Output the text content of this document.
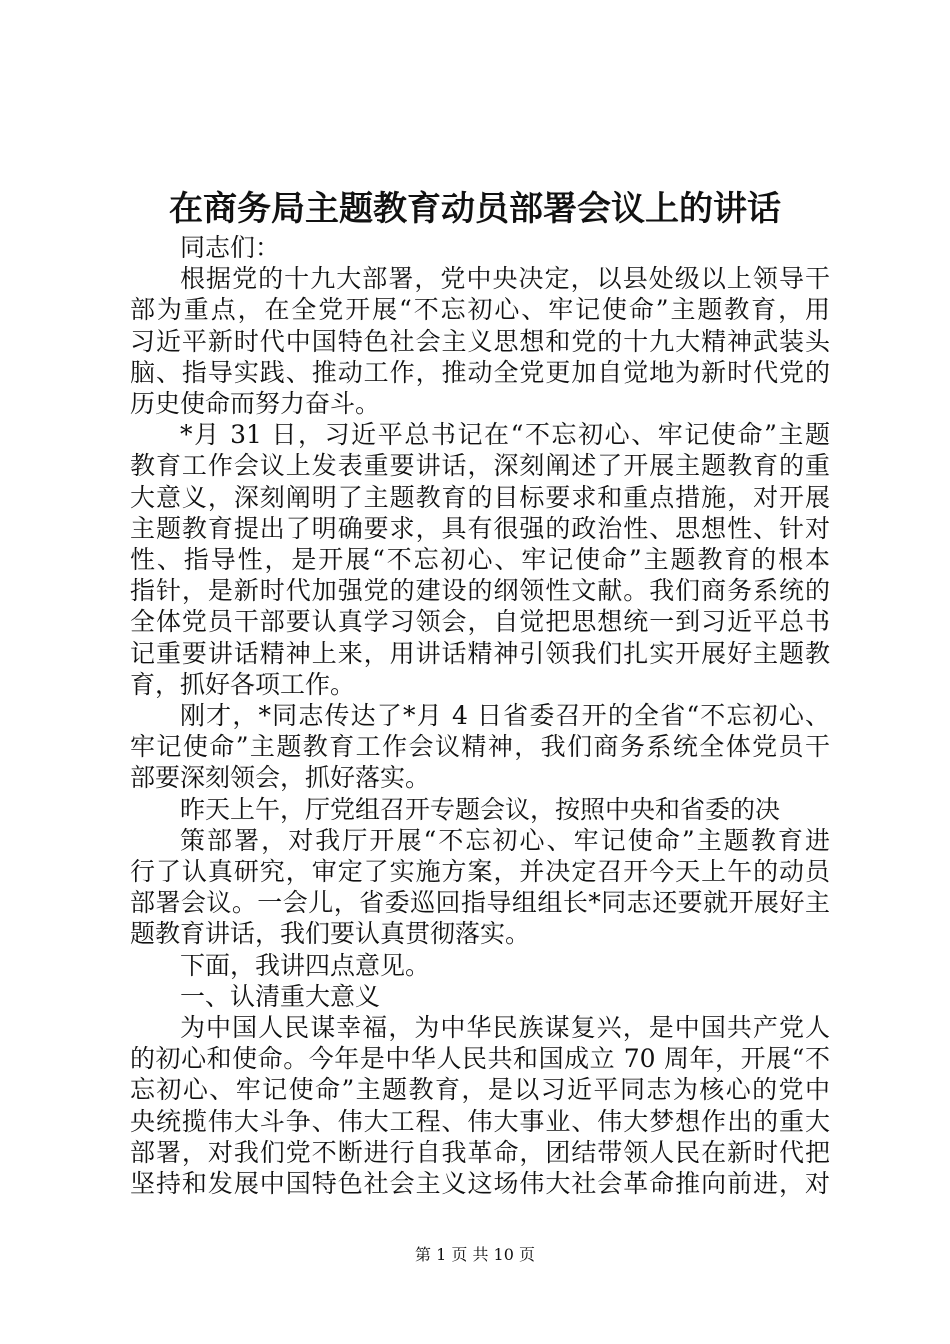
在商务局主题教育动员部署会议上的讲话
同志们：
根据党的十九大部署，党中央决定，以县处级以上领导干
部为重点，在全党开展“不忘初心、牢记使命”主题教育，用
习近平新时代中国特色社会主义思想和党的十九大精神武装头
脑、指导实践、推动工作，推动全党更加自觉地为新时代党的
历史使命而努力奋斗。
*月 31 日，习近平总书记在“不忘初心、牢记使命”主题
教育工作会议上发表重要讲话，深刻阐述了开展主题教育的重
大意义，深刻阐明了主题教育的目标要求和重点措施，对开展
主题教育提出了明确要求，具有很强的政治性、思想性、针对
性、指导性，是开展“不忘初心、牢记使命”主题教育的根本
指针，是新时代加强党的建设的纲领性文献。我们商务系统的
全体党员干部要认真学习领会，自觉把思想统一到习近平总书
记重要讲话精神上来，用讲话精神引领我们扎实开展好主题教
育，抓好各项工作。
刚才，*同志传达了*月 4 日省委召开的全省“不忘初心、
牢记使命”主题教育工作会议精神，我们商务系统全体党员干
部要深刻领会，抓好落实。
昨天上午，厅党组召开专题会议，按照中央和省委的决
策部署，对我厅开展“不忘初心、牢记使命”主题教育进
行了认真研究，审定了实施方案，并决定召开今天上午的动员
部署会议。一会儿，省委巡回指导组组长*同志还要就开展好主
题教育讲话，我们要认真贯彻落实。
下面，我讲四点意见。
一、认清重大意义
为中国人民谋幸福，为中华民族谋复兴，是中国共产党人
的初心和使命。今年是中华人民共和国成立 70 周年，开展“不
忘初心、牢记使命”主题教育，是以习近平同志为核心的党中
央统揽伟大斗争、伟大工程、伟大事业、伟大梦想作出的重大
部署，对我们党不断进行自我革命，团结带领人民在新时代把
坚持和发展中国特色社会主义这场伟大社会革命推向前进，对
第 1 页 共 10 页
